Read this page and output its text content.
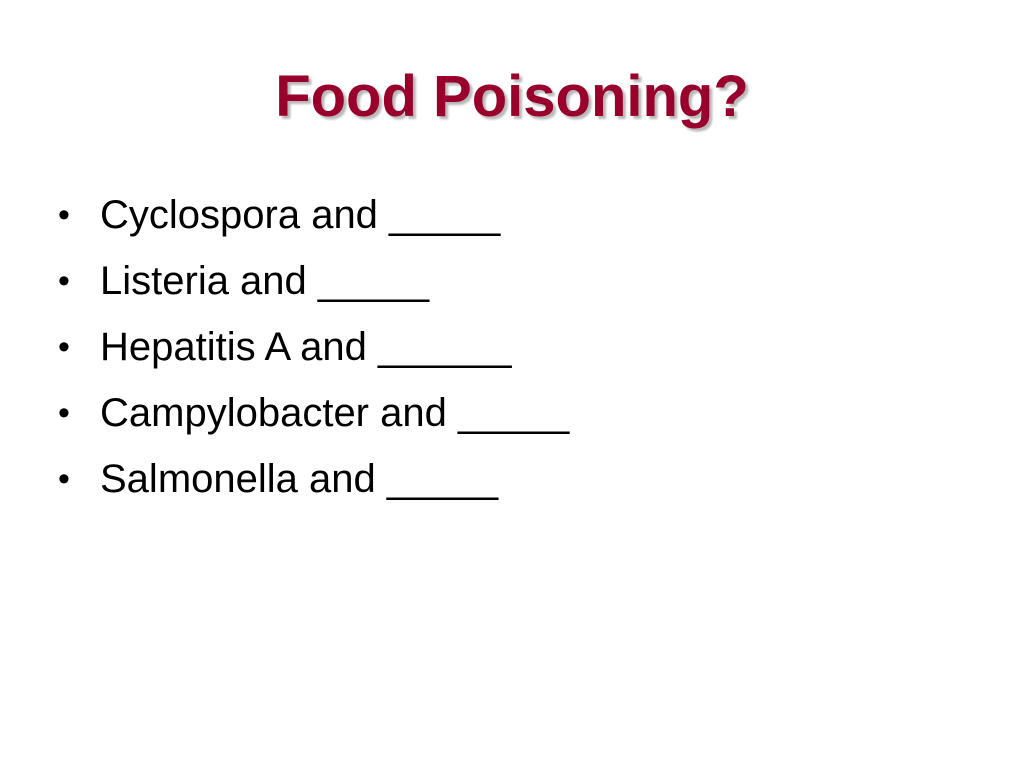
Food Poisoning?
• Cyclospora and _____
• Listeria and _____
• Hepatitis A and ______
• Campylobacter and _____
• Salmonella and _____
